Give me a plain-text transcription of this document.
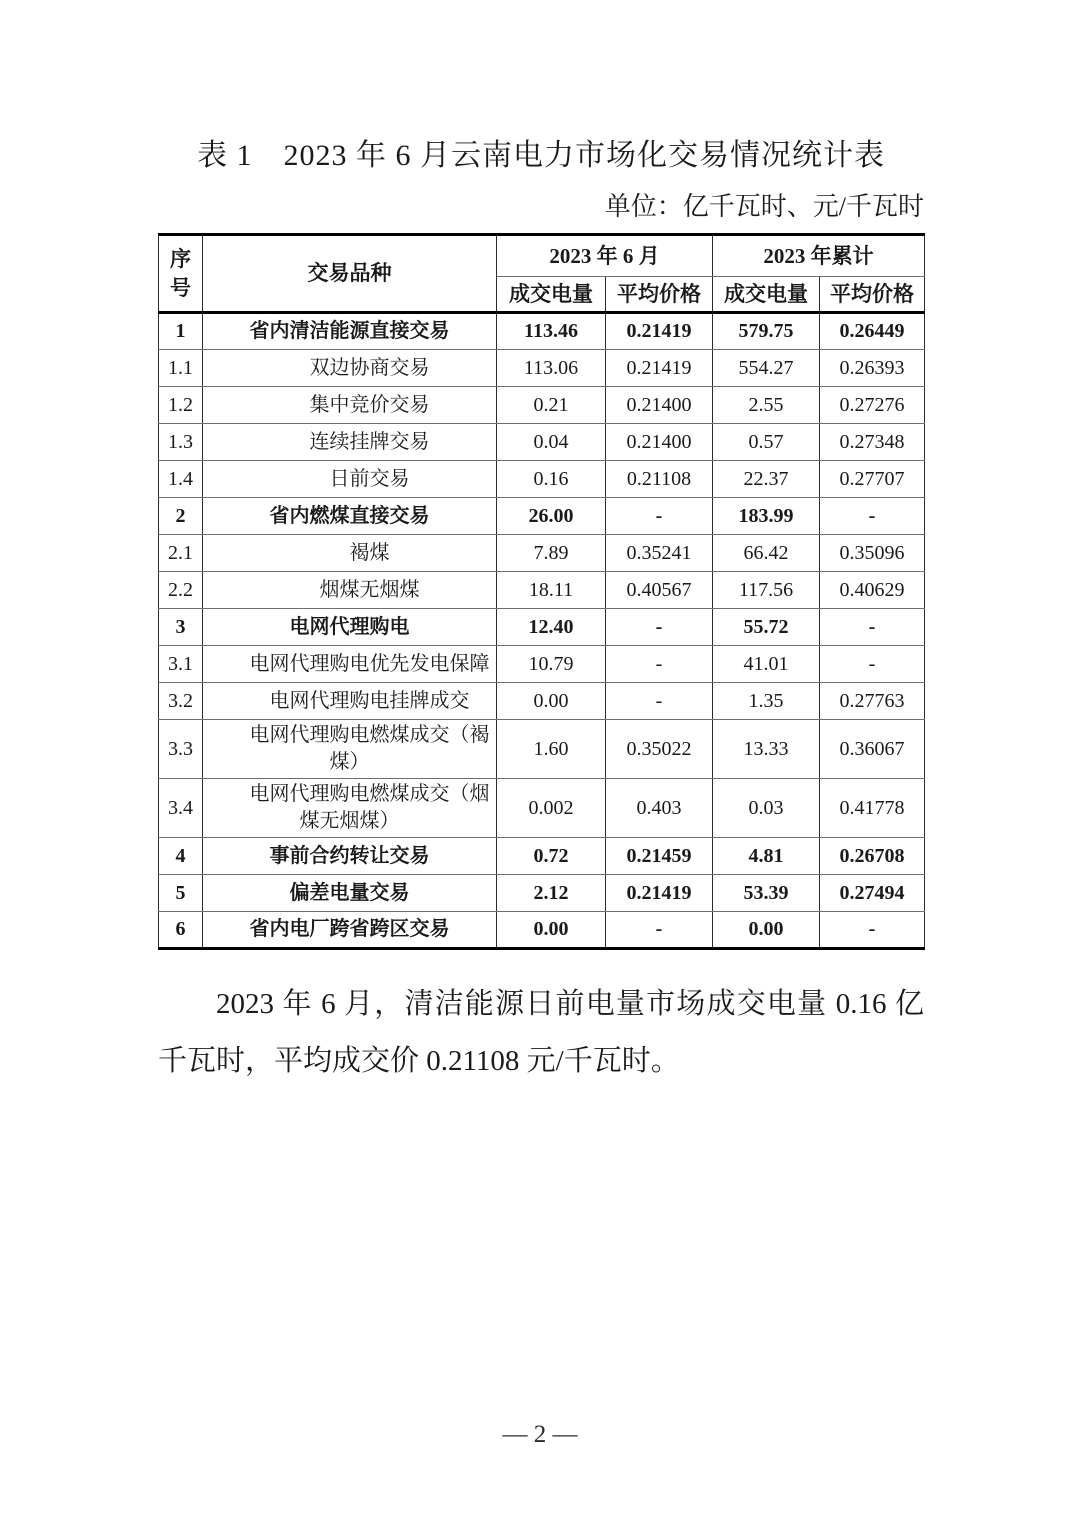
表 1　2023 年 6 月云南电力市场化交易情况统计表
单位：亿千瓦时、元/千瓦时
序号	交易品种	2023 年 6 月		2023 年累计	
		成交电量	平均价格	成交电量	平均价格
1	省内清洁能源直接交易	113.46	0.21419	579.75	0.26449
1.1	双边协商交易	113.06	0.21419	554.27	0.26393
1.2	集中竞价交易	0.21	0.21400	2.55	0.27276
1.3	连续挂牌交易	0.04	0.21400	0.57	0.27348
1.4	日前交易	0.16	0.21108	22.37	0.27707
2	省内燃煤直接交易	26.00	-	183.99	-
2.1	褐煤	7.89	0.35241	66.42	0.35096
2.2	烟煤无烟煤	18.11	0.40567	117.56	0.40629
3	电网代理购电	12.40	-	55.72	-
3.1	电网代理购电优先发电保障	10.79	-	41.01	-
3.2	电网代理购电挂牌成交	0.00	-	1.35	0.27763
3.3	电网代理购电燃煤成交（褐煤）	1.60	0.35022	13.33	0.36067
3.4	电网代理购电燃煤成交（烟煤无烟煤）	0.002	0.403	0.03	0.41778
4	事前合约转让交易	0.72	0.21459	4.81	0.26708
5	偏差电量交易	2.12	0.21419	53.39	0.27494
6	省内电厂跨省跨区交易	0.00	-	0.00	-

2023 年 6 月，清洁能源日前电量市场成交电量 0.16 亿千瓦时，平均成交价 0.21108 元/千瓦时。

— 2 —
